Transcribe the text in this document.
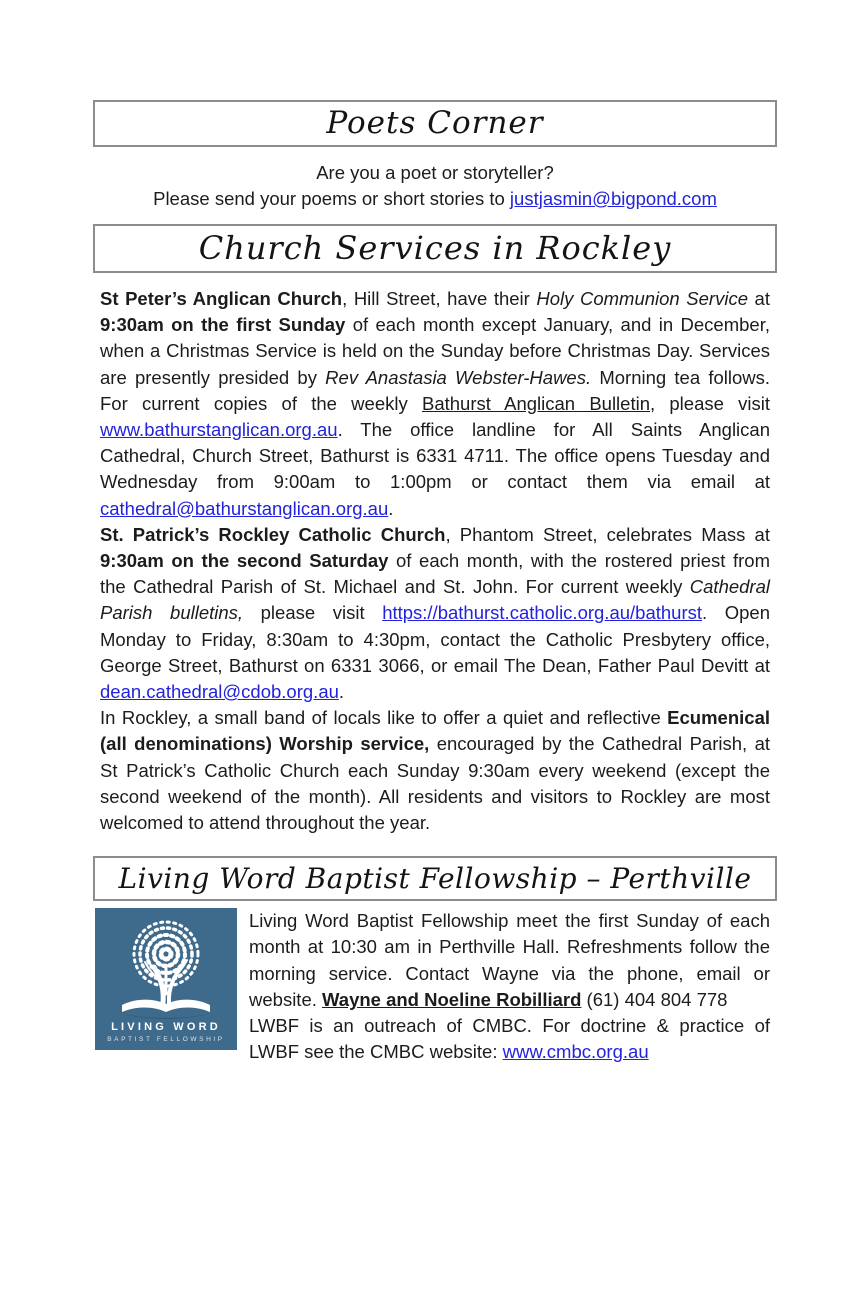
Poets Corner

Are you a poet or storyteller?

Please send your poems or short stories to justjasmin@bigpond.com

Church Services in Rockley

St Peter’s Anglican Church, Hill Street, have their Holy Communion Service at 9:30am on the first Sunday of each month except January, and in December, when a Christmas Service is held on the Sunday before Christmas Day. Services are presently presided by Rev Anastasia Webster-Hawes. Morning tea follows. For current copies of the weekly Bathurst Anglican Bulletin, please visit www.bathurstanglican.org.au. The office landline for All Saints Anglican Cathedral, Church Street, Bathurst is 6331 4711. The office opens Tuesday and Wednesday from 9:00am to 1:00pm or contact them via email at cathedral@bathurstanglican.org.au.

St. Patrick’s Rockley Catholic Church, Phantom Street, celebrates Mass at 9:30am on the second Saturday of each month, with the rostered priest from the Cathedral Parish of St. Michael and St. John. For current weekly Cathedral Parish bulletins, please visit https://bathurst.catholic.org.au/bathurst. Open Monday to Friday, 8:30am to 4:30pm, contact the Catholic Presbytery office, George Street, Bathurst on 6331 3066, or email The Dean, Father Paul Devitt at dean.cathedral@cdob.org.au.

In Rockley, a small band of locals like to offer a quiet and reflective Ecumenical (all denominations) Worship service, encouraged by the Cathedral Parish, at St Patrick’s Catholic Church each Sunday 9:30am every weekend (except the second weekend of the month). All residents and visitors to Rockley are most welcomed to attend throughout the year.

Living Word Baptist Fellowship – Perthville
LIVING WORD
BAPTIST FELLOWSHIP

Living Word Baptist Fellowship meet the first Sunday of each month at 10:30 am in Perthville Hall. Refreshments follow the morning service. Contact Wayne via the phone, email or website. Wayne and Noeline Robilliard (61) 404 804 778

LWBF is an outreach of CMBC. For doctrine & practice of LWBF see the CMBC website: www.cmbc.org.au
